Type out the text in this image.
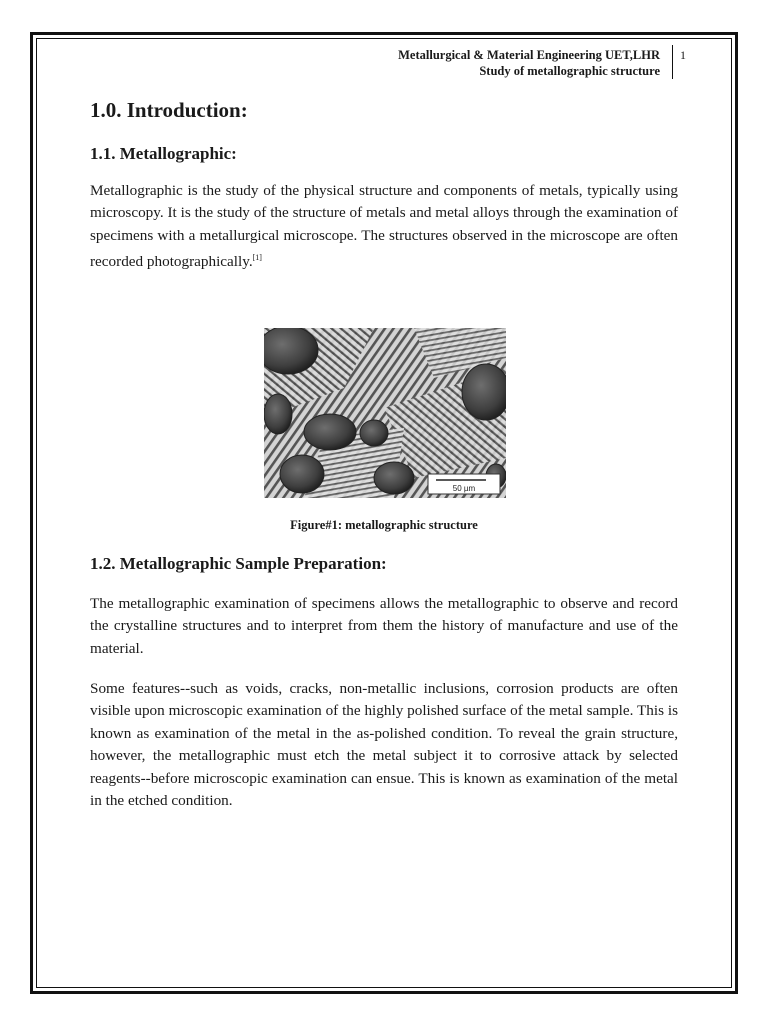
Metallurgical & Material Engineering UET,LHR
Study of metallographic structure
1
1.0. Introduction:
1.1. Metallographic:
Metallographic is the study of the physical structure and components of metals, typically using microscopy. It is the study of the structure of metals and metal alloys through the examination of specimens with a metallurgical microscope. The structures observed in the microscope are often recorded photographically.[1]
50 µm
Figure#1: metallographic structure
1.2. Metallographic Sample Preparation:
The metallographic examination of specimens allows the metallographic to observe and record the crystalline structures and to interpret from them the history of manufacture and use of the material.
Some features--such as voids, cracks, non-metallic inclusions, corrosion products are often visible upon microscopic examination of the highly polished surface of the metal sample. This is known as examination of the metal in the as-polished condition. To reveal the grain structure, however, the metallographic must etch the metal subject it to corrosive attack by selected reagents--before microscopic examination can ensue. This is known as examination of the metal in the etched condition.
